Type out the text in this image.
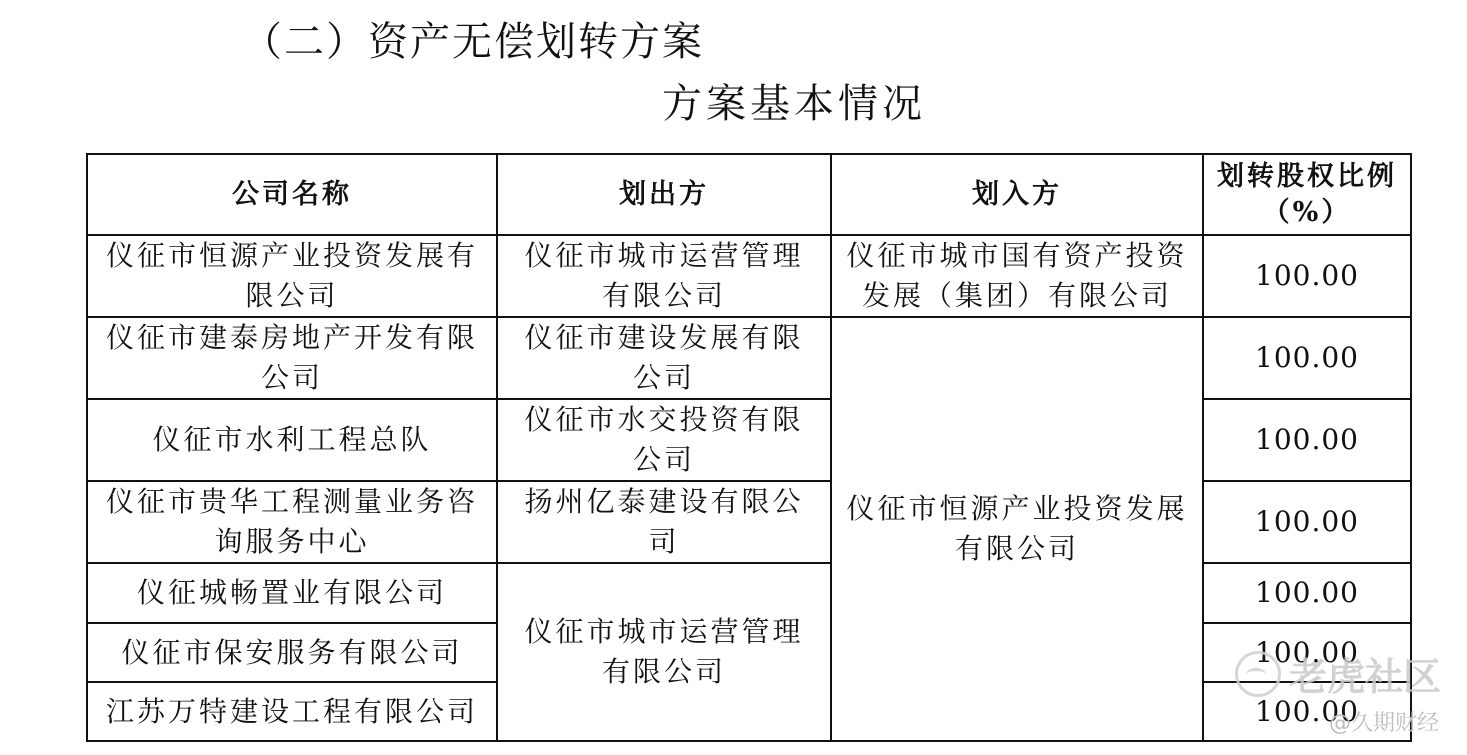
（二）资产无偿划转方案
方案基本情况
公司名称	划出方	划入方	划转股权比例（%）
仪征市恒源产业投资发展有限公司	仪征市城市运营管理有限公司	仪征市城市国有资产投资发展（集团）有限公司	100.00
仪征市建泰房地产开发有限公司	仪征市建设发展有限公司	仪征市恒源产业投资发展有限公司	100.00
仪征市水利工程总队	仪征市水交投资有限公司		100.00
仪征市贵华工程测量业务咨询服务中心	扬州亿泰建设有限公司		100.00
仪征城畅置业有限公司	仪征市城市运营管理有限公司		100.00
仪征市保安服务有限公司			100.00
江苏万特建设工程有限公司			100.00
老虎社区
@久期财经
